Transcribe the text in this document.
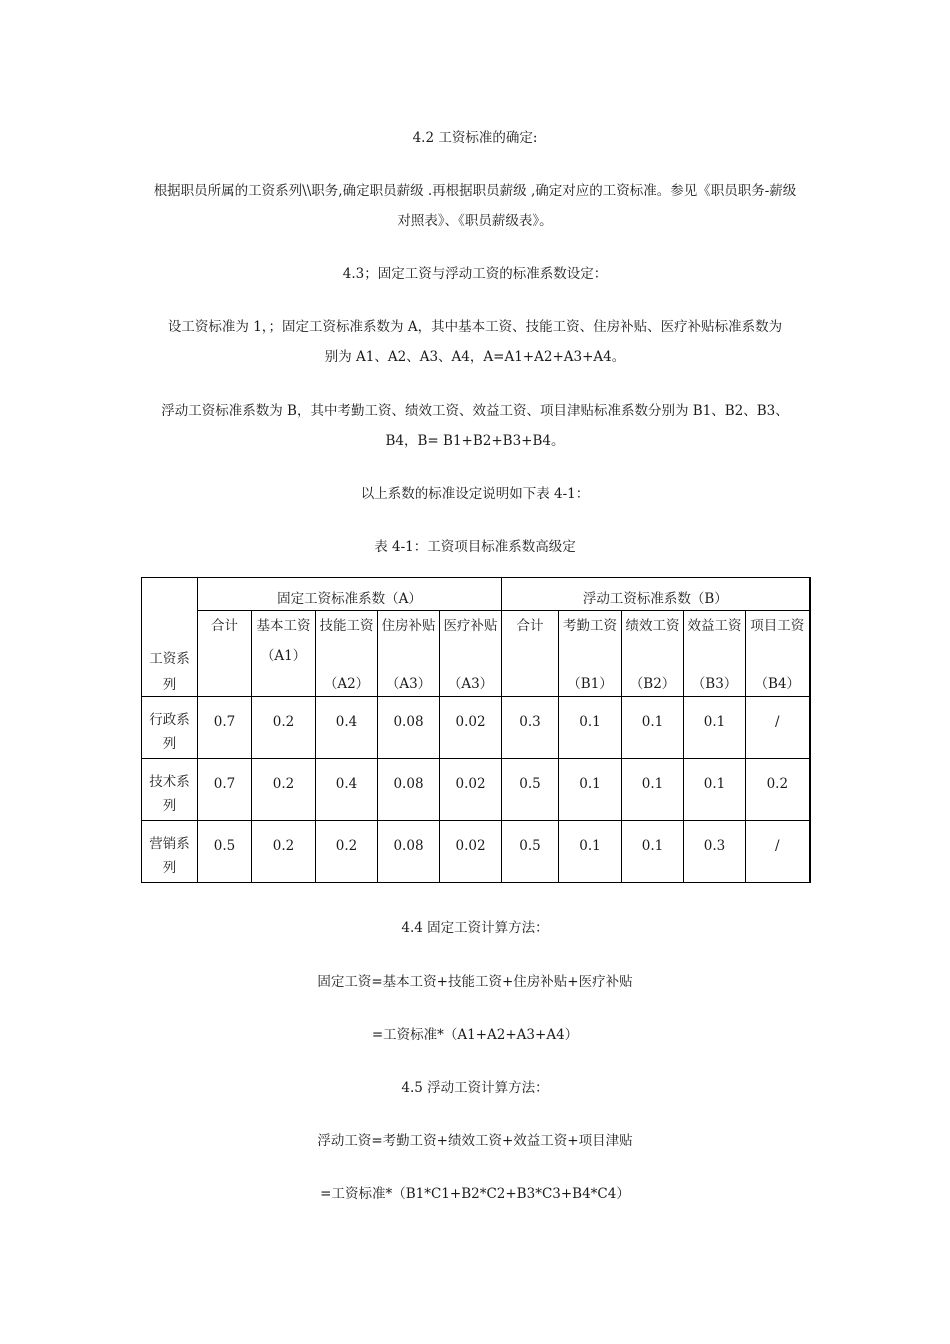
4.2 工资标准的确定:
根据职员所属的工资系列\\职务,确定职员薪级 .再根据职员薪级 ,确定对应的工资标准。参见《职员职务-薪级
对照表》、《职员薪级表》。
4.3；固定工资与浮动工资的标准系数设定：
设工资标准为 1，；固定工资标准系数为 A，其中基本工资、技能工资、住房补贴、医疗补贴标准系数为
别为 A1、A2、A3、A4，A=A1+A2+A3+A4。
浮动工资标准系数为 B，其中考勤工资、绩效工资、效益工资、项目津贴标准系数分别为 B1、B2、B3、
B4，B= B1+B2+B3+B4。
以上系数的标准设定说明如下表 4-1：
表 4-1：工资项目标准系数高级定
工资系
列	固定工资标准系数（A）					浮动工资标准系数（B）				

	合计	基本工资
（A1）	技能工资
（A2）	住房补贴
（A3）	医疗补贴
（A3）	合计	考勤工资
（B1）	绩效工资
（B2）	效益工资
（B3）	项目工资
（B4）

行政系
列	0.7	0.2	0.4	0.08	0.02	0.3	0.1	0.1	0.1	/

技术系
列	0.7	0.2	0.4	0.08	0.02	0.5	0.1	0.1	0.1	0.2

营销系
列	0.5	0.2	0.2	0.08	0.02	0.5	0.1	0.1	0.3	/
4.4 固定工资计算方法：
固定工资=基本工资+技能工资+住房补贴+医疗补贴
=工资标准*（A1+A2+A3+A4）
4.5 浮动工资计算方法：
浮动工资=考勤工资+绩效工资+效益工资+项目津贴
=工资标准*（B1*C1+B2*C2+B3*C3+B4*C4）
